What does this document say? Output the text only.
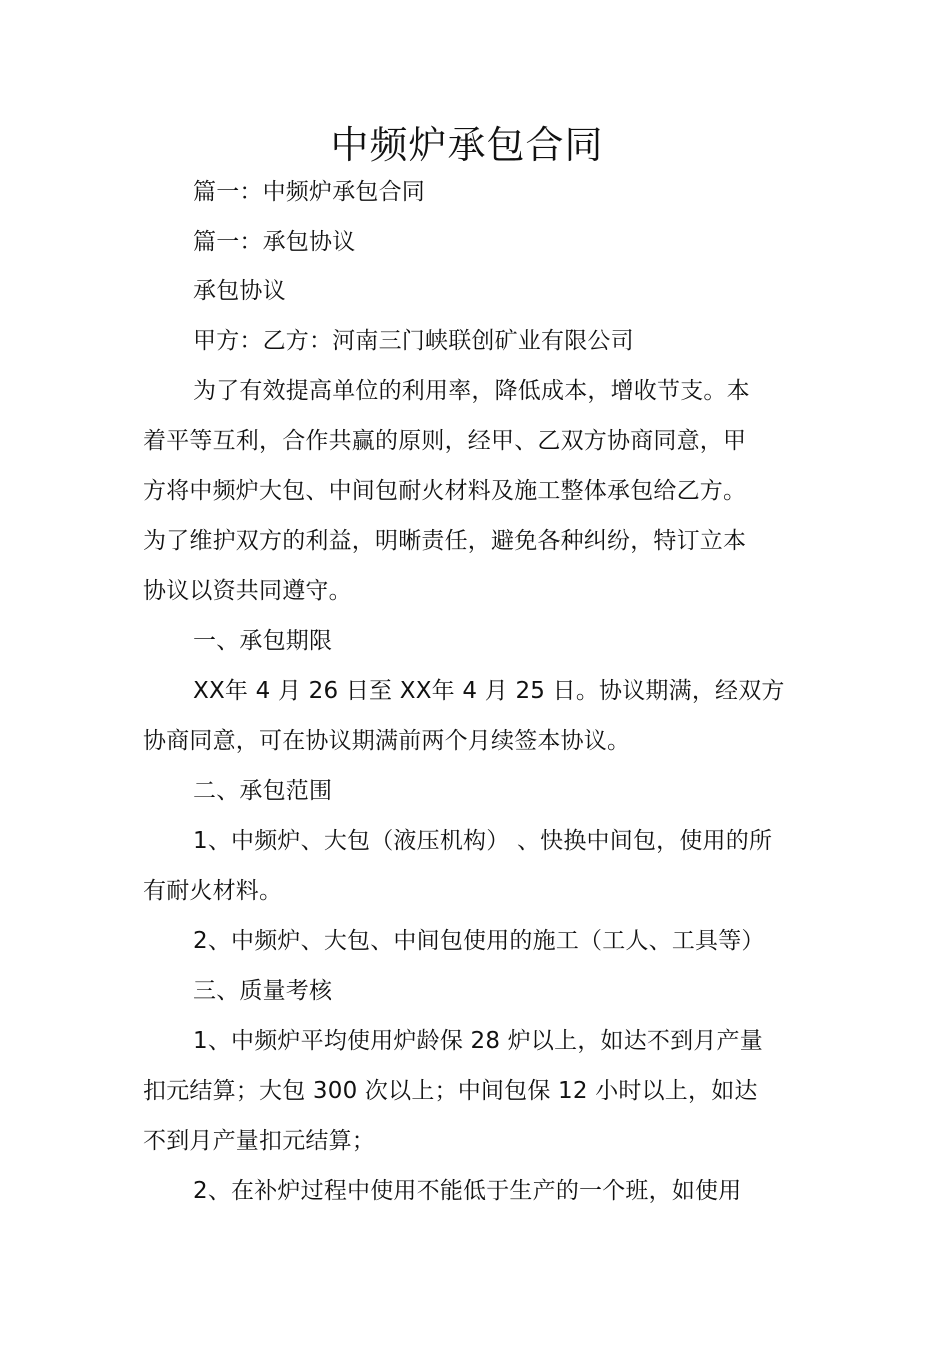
中频炉承包合同
篇一：中频炉承包合同
篇一：承包协议
承包协议
甲方：乙方：河南三门峡联创矿业有限公司
为了有效提高单位的利用率，降低成本，增收节支。本
着平等互利，合作共赢的原则，经甲、乙双方协商同意，甲
方将中频炉大包、中间包耐火材料及施工整体承包给乙方。
为了维护双方的利益，明晰责任，避免各种纠纷，特订立本
协议以资共同遵守。
一、承包期限
XX年 4 月 26 日至 XX年 4 月 25 日。协议期满，经双方
协商同意，可在协议期满前两个月续签本协议。
二、承包范围
1、中频炉、大包（液压机构） 、快换中间包，使用的所
有耐火材料。
2、中频炉、大包、中间包使用的施工（工人、工具等）
三、质量考核
1、中频炉平均使用炉龄保 28 炉以上，如达不到月产量
扣元结算；大包 300 次以上；中间包保 12 小时以上，如达
不到月产量扣元结算；
2、在补炉过程中使用不能低于生产的一个班，如使用
